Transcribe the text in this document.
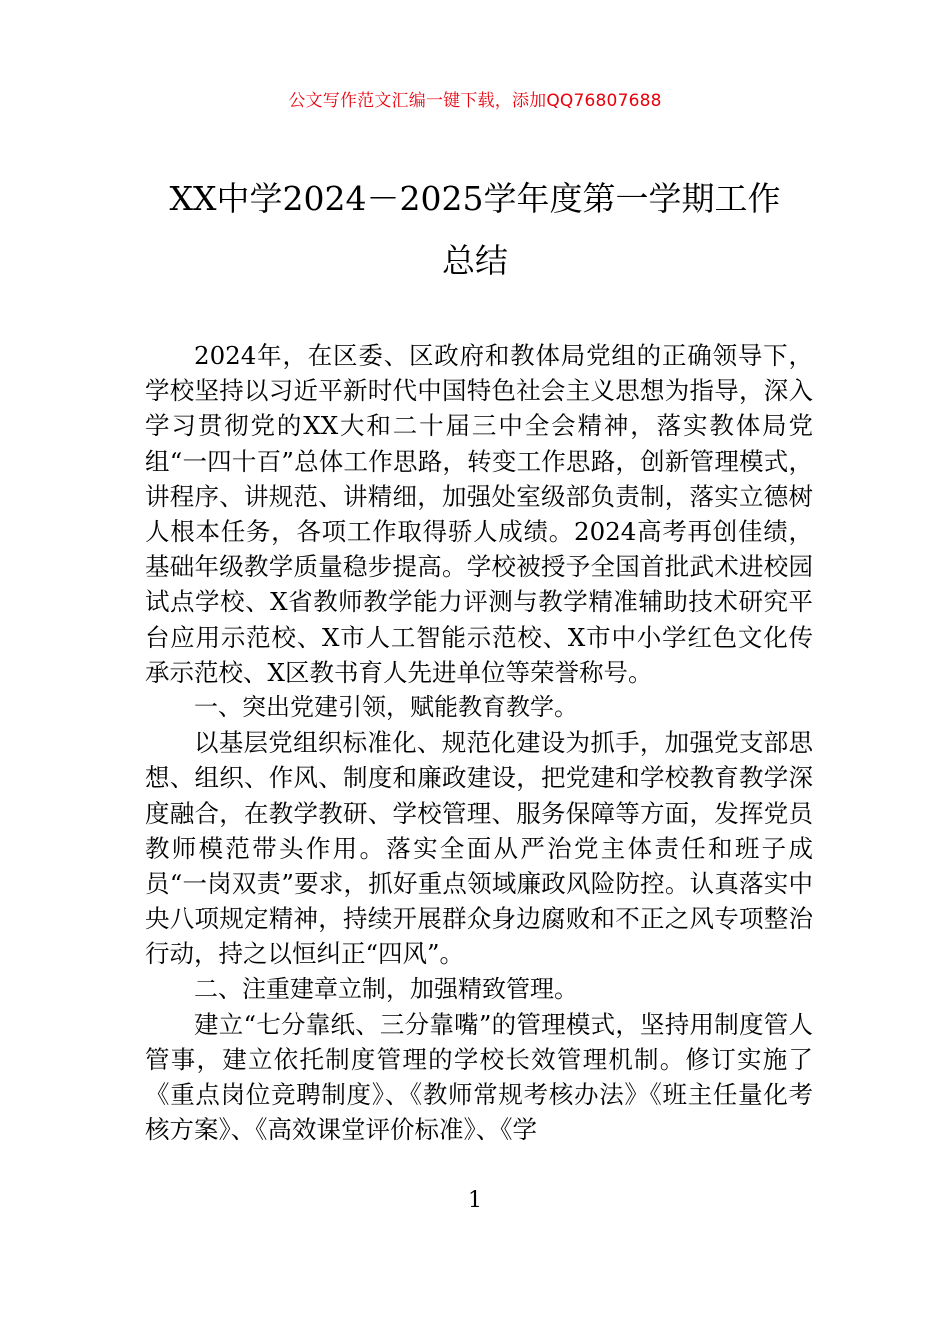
公文写作范文汇编一键下载，添加QQ76807688
XX中学2024－2025学年度第一学期工作
总结

2024年，在区委、区政府和教体局党组的正确领导下，学校坚持以习近平新时代中国特色社会主义思想为指导，深入学习贯彻党的XX大和二十届三中全会精神，落实教体局党组“一四十百”总体工作思路，转变工作思路，创新管理模式，讲程序、讲规范、讲精细，加强处室级部负责制，落实立德树人根本任务，各项工作取得骄人成绩。2024高考再创佳绩，基础年级教学质量稳步提高。学校被授予全国首批武术进校园试点学校、X省教师教学能力评测与教学精准辅助技术研究平台应用示范校、X市人工智能示范校、X市中小学红色文化传承示范校、X区教书育人先进单位等荣誉称号。

一、突出党建引领，赋能教育教学。

以基层党组织标准化、规范化建设为抓手，加强党支部思想、组织、作风、制度和廉政建设，把党建和学校教育教学深度融合，在教学教研、学校管理、服务保障等方面，发挥党员教师模范带头作用。落实全面从严治党主体责任和班子成员“一岗双责”要求，抓好重点领域廉政风险防控。认真落实中央八项规定精神，持续开展群众身边腐败和不正之风专项整治行动，持之以恒纠正“四风”。

二、注重建章立制，加强精致管理。

建立“七分靠纸、三分靠嘴”的管理模式，坚持用制度管人管事，建立依托制度管理的学校长效管理机制。修订实施了《重点岗位竞聘制度》、《教师常规考核办法》《班主任量化考核方案》、《高效课堂评价标准》、《学

1
